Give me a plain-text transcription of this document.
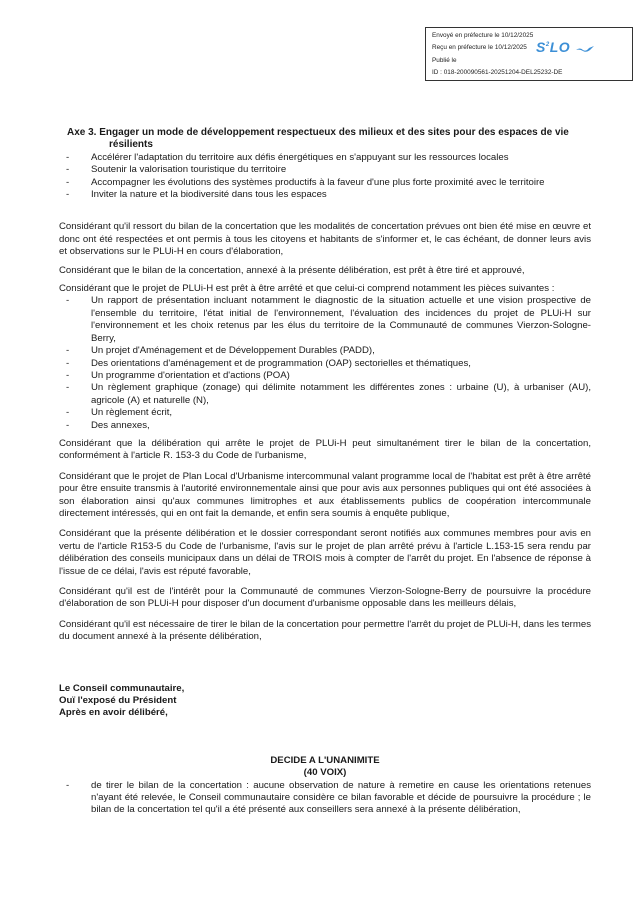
Envoyé en préfecture le 10/12/2025
Reçu en préfecture le 10/12/2025
Publié le
ID : 018-200090561-20251204-DEL25232-DE
$S^2LO$
Axe 3. Engager un mode de développement respectueux des milieux et des sites pour des espaces de vie
résilients
- Accélérer l'adaptation du territoire aux défis énergétiques en s'appuyant sur les ressources locales
- Soutenir la valorisation touristique du territoire
- Accompagner les évolutions des systèmes productifs à la faveur d'une plus forte proximité avec le territoire
- Inviter la nature et la biodiversité dans tous les espaces

Considérant qu'il ressort du bilan de la concertation que les modalités de concertation prévues ont bien été mise en œuvre et donc ont été respectées et ont permis à tous les citoyens et habitants de s'informer et, le cas échéant, de donner leurs avis et observations sur le PLUi-H en cours d'élaboration,

Considérant que le bilan de la concertation, annexé à la présente délibération, est prêt à être tiré et approuvé,

Considérant que le projet de PLUi-H est prêt à être arrêté et que celui-ci comprend notamment les pièces suivantes :

- Un rapport de présentation incluant notamment le diagnostic de la situation actuelle et une vision prospective de l'ensemble du territoire, l'état initial de l'environnement, l'évaluation des incidences du projet de PLUi-H sur l'environnement et les choix retenus par les élus du territoire de la Communauté de communes Vierzon-Sologne- Berry,
- Un projet d'Aménagement et de Développement Durables (PADD),
- Des orientations d'aménagement et de programmation (OAP) sectorielles et thématiques,
- Un programme d'orientation et d'actions (POA)
- Un règlement graphique (zonage) qui délimite notamment les différentes zones : urbaine (U), à urbaniser (AU), agricole (A) et naturelle (N),
- Un règlement écrit,
- Des annexes,

Considérant que la délibération qui arrête le projet de PLUi-H peut simultanément tirer le bilan de la concertation, conformément à l'article R. 153-3 du Code de l'urbanisme,

Considérant que le projet de Plan Local d'Urbanisme intercommunal valant programme local de l'habitat est prêt à être arrêté pour être ensuite transmis à l'autorité environnementale ainsi que pour avis aux personnes publiques qui ont été associées à son élaboration ainsi qu'aux communes limitrophes et aux établissements publics de coopération intercommunale directement intéressés, qui en ont fait la demande, et enfin sera soumis à enquête publique,

Considérant que la présente délibération et le dossier correspondant seront notifiés aux communes membres pour avis en vertu de l'article R153-5 du Code de l'urbanisme, l'avis sur le projet de plan arrêté prévu à l'article L.153-15 sera rendu par délibération des conseils municipaux dans un délai de TROIS mois à compter de l'arrêt du projet. En l'absence de réponse à l'issue de ce délai, l'avis est réputé favorable,

Considérant qu'il est de l'intérêt pour la Communauté de communes Vierzon-Sologne-Berry de poursuivre la procédure d'élaboration de son PLUi-H pour disposer d'un document d'urbanisme opposable dans les meilleurs délais,

Considérant qu'il est nécessaire de tirer le bilan de la concertation pour permettre l'arrêt du projet de PLUi-H, dans les termes du document annexé à la présente délibération,

Le Conseil communautaire,
Ouï l'exposé du Président
Après en avoir délibéré,
DECIDE A L'UNANIMITE
(40 VOIX)
- de tirer le bilan de la concertation : aucune observation de nature à remetire en cause les orientations retenues n'ayant été relevée, le Conseil communautaire considère ce bilan favorable et décide de poursuivre la procédure ; le bilan de la concertation tel qu'il a été présenté aux conseillers sera annexé à la présente délibération,
